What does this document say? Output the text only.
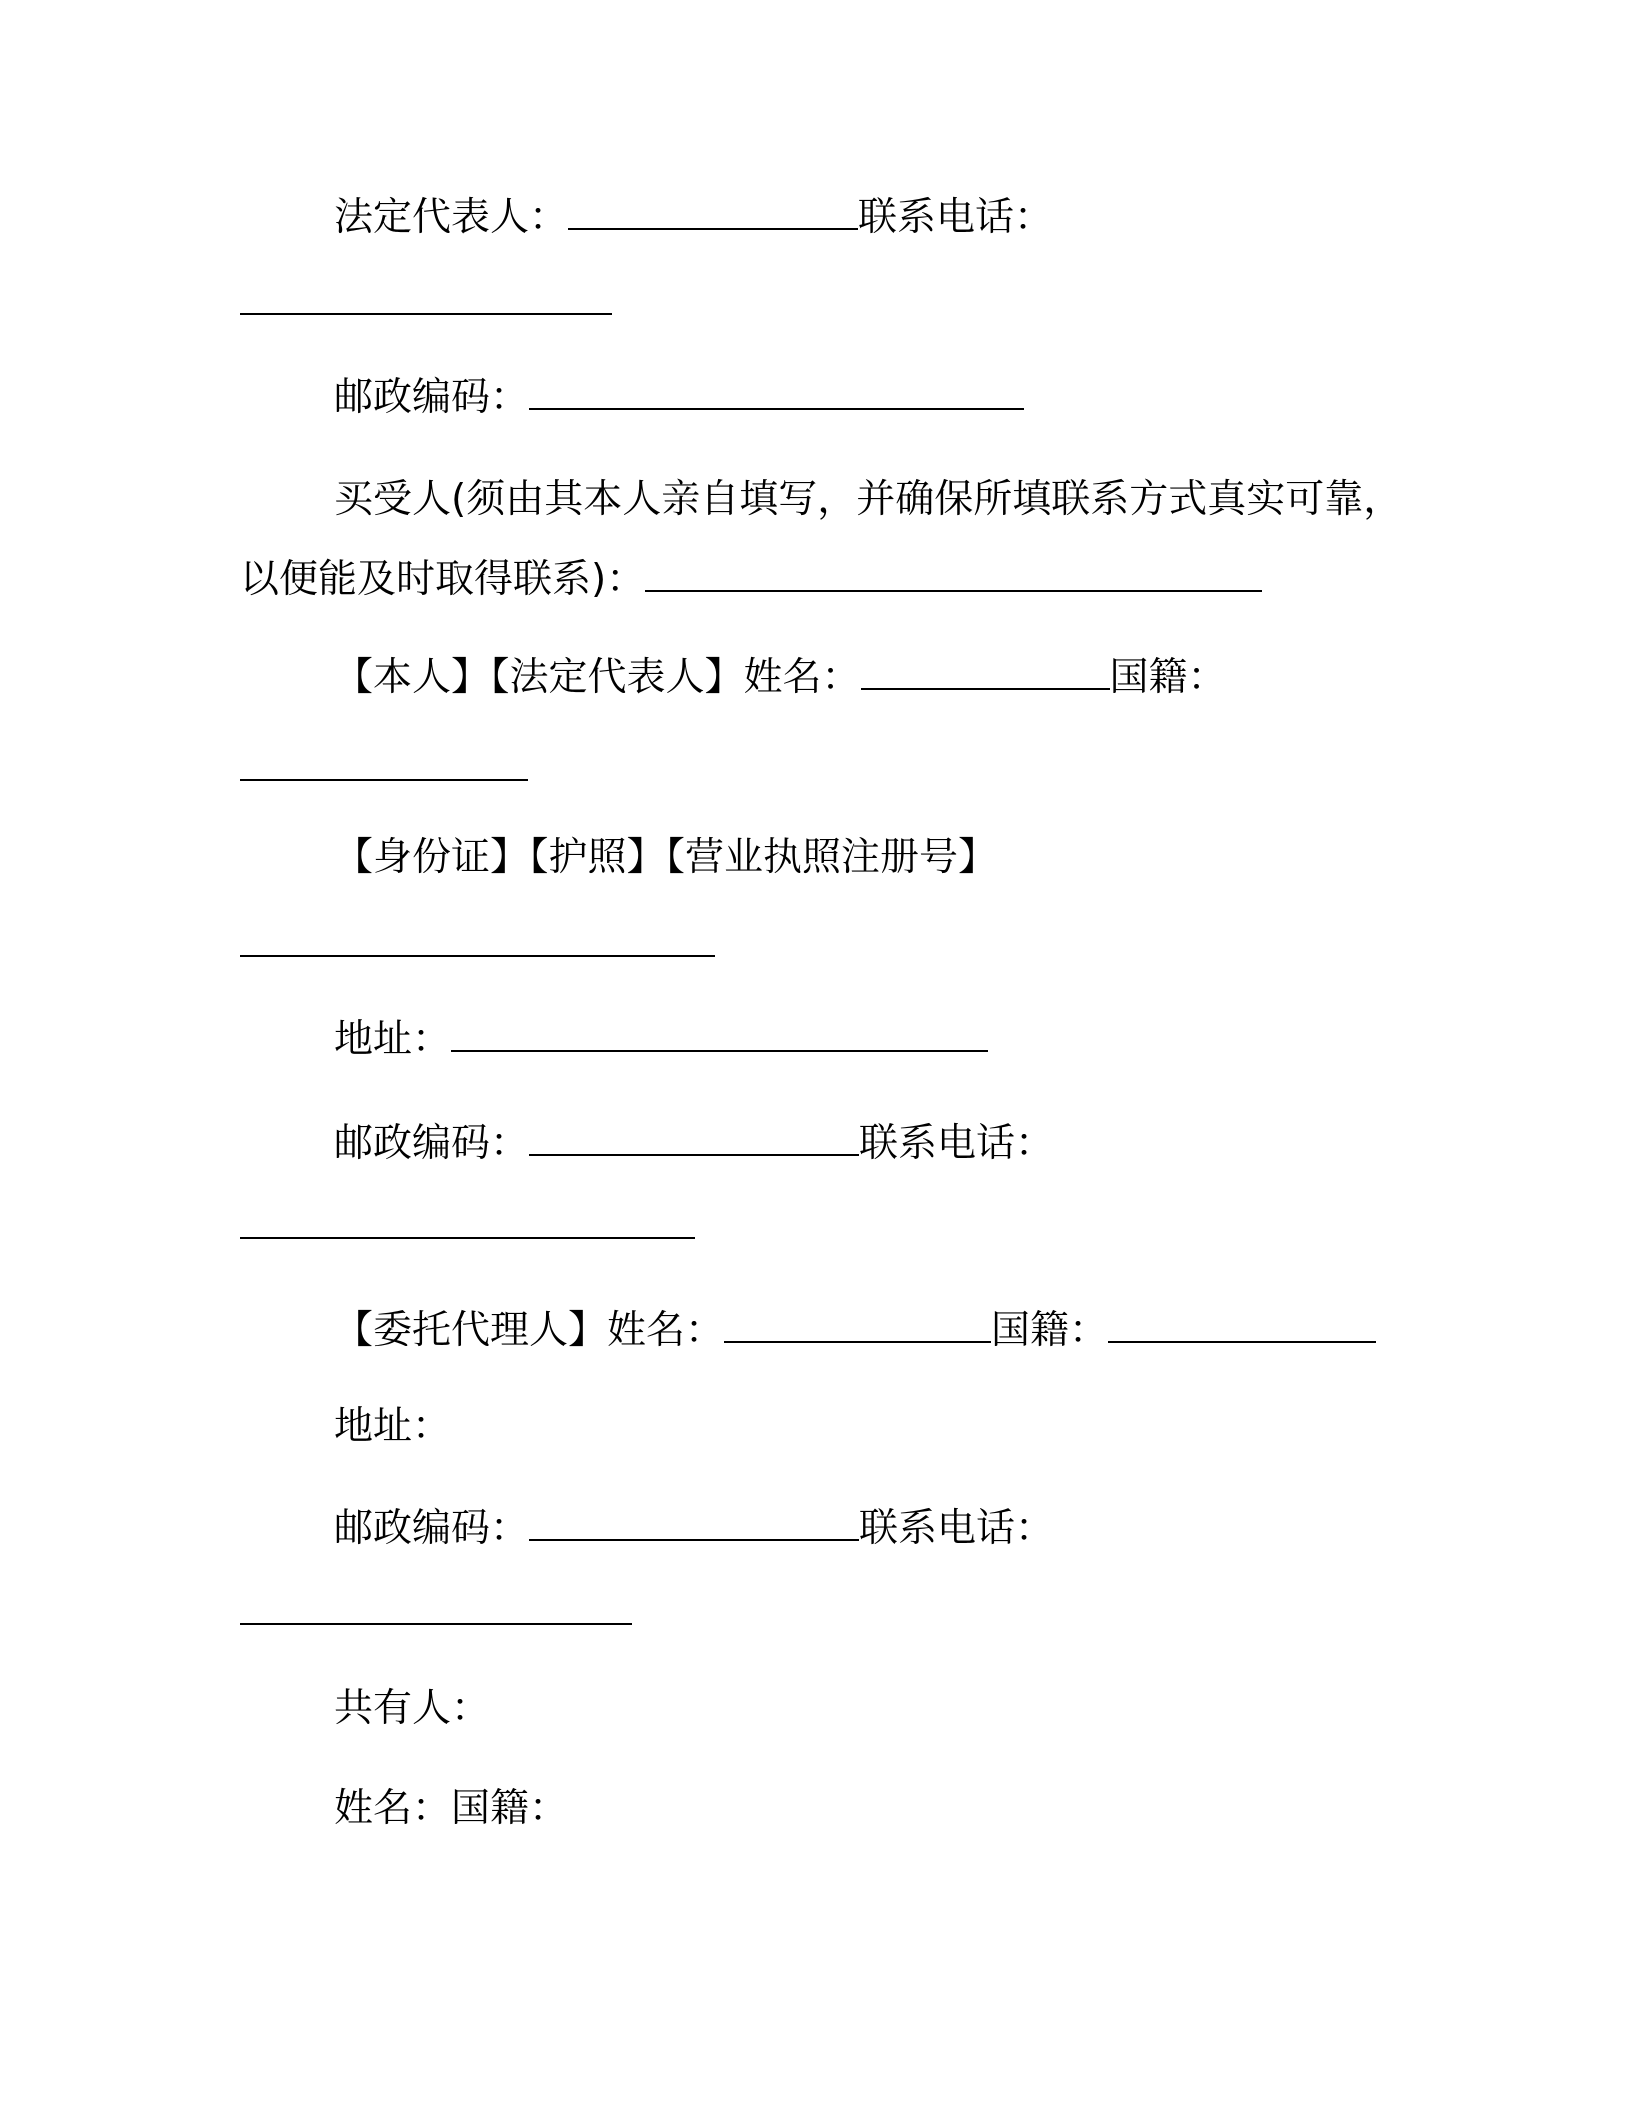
法定代表人：	联系电话：
邮政编码：
买受人(须由其本人亲自填写，并确保所填联系方式真实可靠，
以便能及时取得联系)：
【本人】【法定代表人】姓名：	国籍：
【身份证】【护照】【营业执照注册号】
地址：
邮政编码：	联系电话：
【委托代理人】姓名：	国籍：
地址：
邮政编码：	联系电话：
共有人：
姓名：国籍：
